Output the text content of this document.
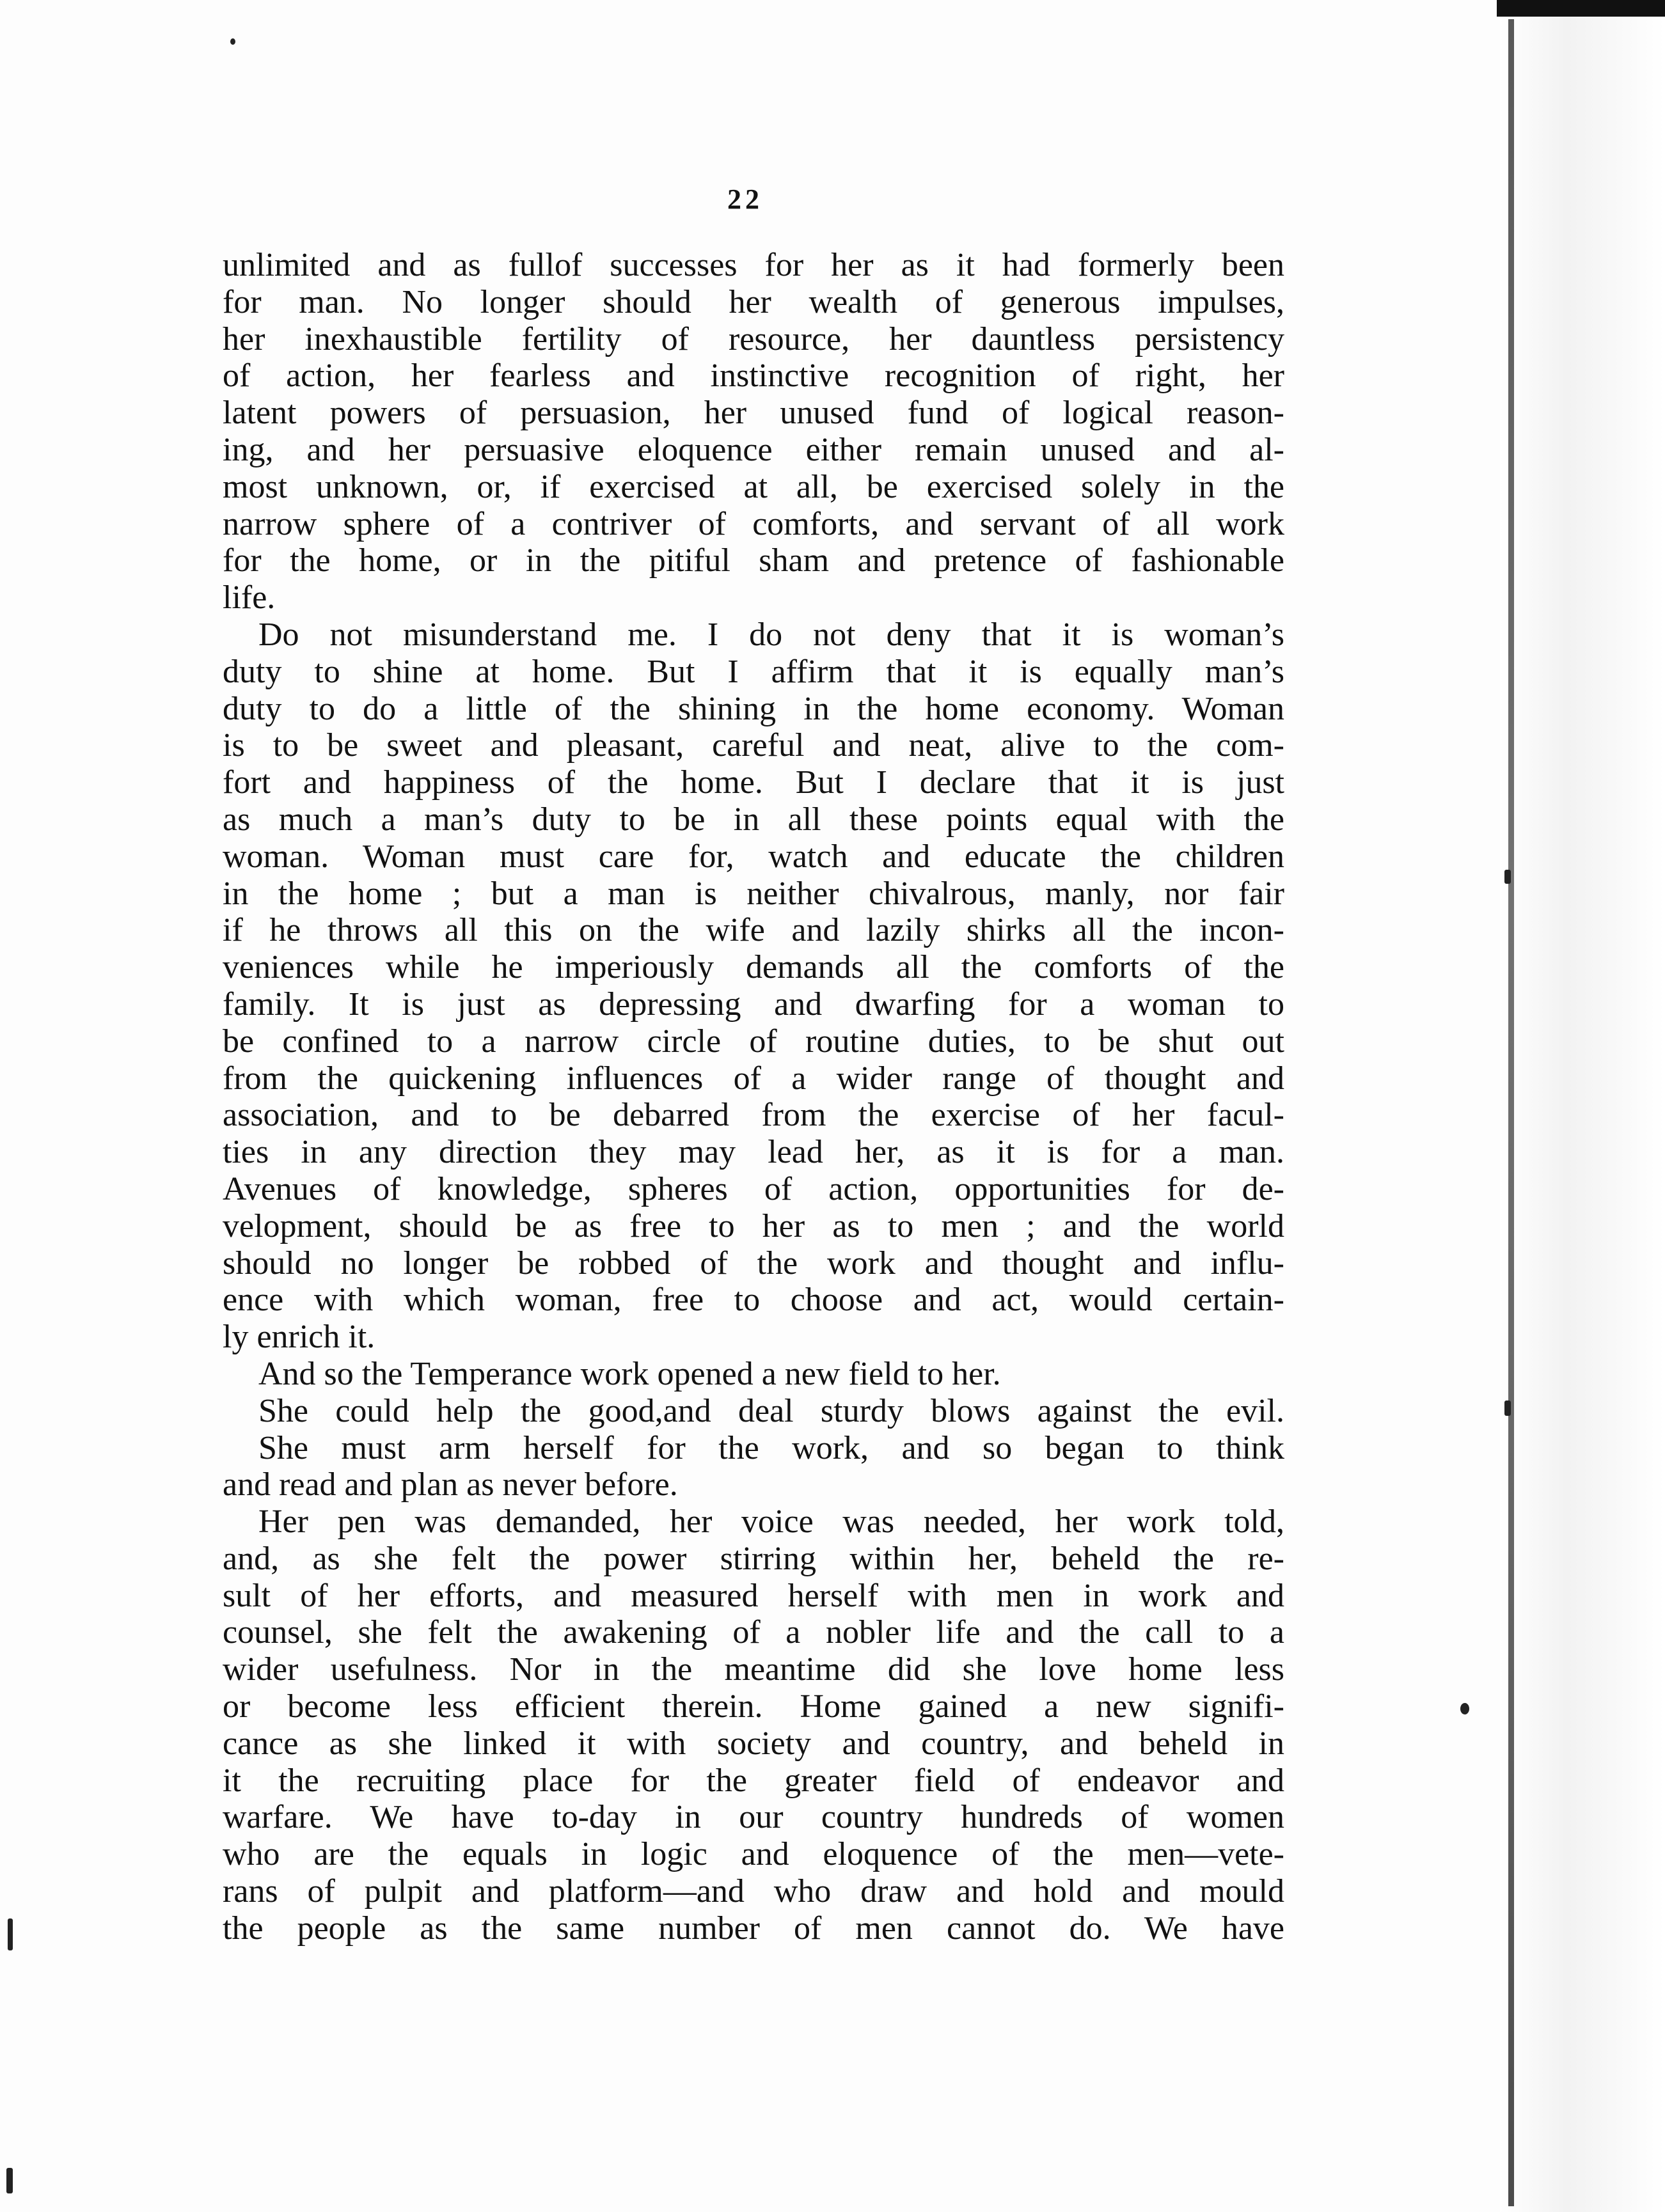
22
unlimited and as fullof successes for her as it had formerly been
for man. No longer should her wealth of generous impulses,
her inexhaustible fertility of resource, her dauntless persistency
of action, her fearless and instinctive recognition of right, her
latent powers of persuasion, her unused fund of logical reason-
ing, and her persuasive eloquence either remain unused and al-
most unknown, or, if exercised at all, be exercised solely in the
narrow sphere of a contriver of comforts, and servant of all work
for the home, or in the pitiful sham and pretence of fashionable
life.
Do not misunderstand me. I do not deny that it is woman’s
duty to shine at home. But I affirm that it is equally man’s
duty to do a little of the shining in the home economy. Woman
is to be sweet and pleasant, careful and neat, alive to the com-
fort and happiness of the home. But I declare that it is just
as much a man’s duty to be in all these points equal with the
woman. Woman must care for, watch and educate the children
in the home ; but a man is neither chivalrous, manly, nor fair
if he throws all this on the wife and lazily shirks all the incon-
veniences while he imperiously demands all the comforts of the
family. It is just as depressing and dwarfing for a woman to
be confined to a narrow circle of routine duties, to be shut out
from the quickening influences of a wider range of thought and
association, and to be debarred from the exercise of her facul-
ties in any direction they may lead her, as it is for a man.
Avenues of knowledge, spheres of action, opportunities for de-
velopment, should be as free to her as to men ; and the world
should no longer be robbed of the work and thought and influ-
ence with which woman, free to choose and act, would certain-
ly enrich it.
And so the Temperance work opened a new field to her.
She could help the good,and deal sturdy blows against the evil.
She must arm herself for the work, and so began to think
and read and plan as never before.
Her pen was demanded, her voice was needed, her work told,
and, as she felt the power stirring within her, beheld the re-
sult of her efforts, and measured herself with men in work and
counsel, she felt the awakening of a nobler life and the call to a
wider usefulness. Nor in the meantime did she love home less
or become less efficient therein. Home gained a new signifi-
cance as she linked it with society and country, and beheld in
it the recruiting place for the greater field of endeavor and
warfare. We have to-day in our country hundreds of women
who are the equals in logic and eloquence of the men—vete-
rans of pulpit and platform—and who draw and hold and mould
the people as the same number of men cannot do. We have
